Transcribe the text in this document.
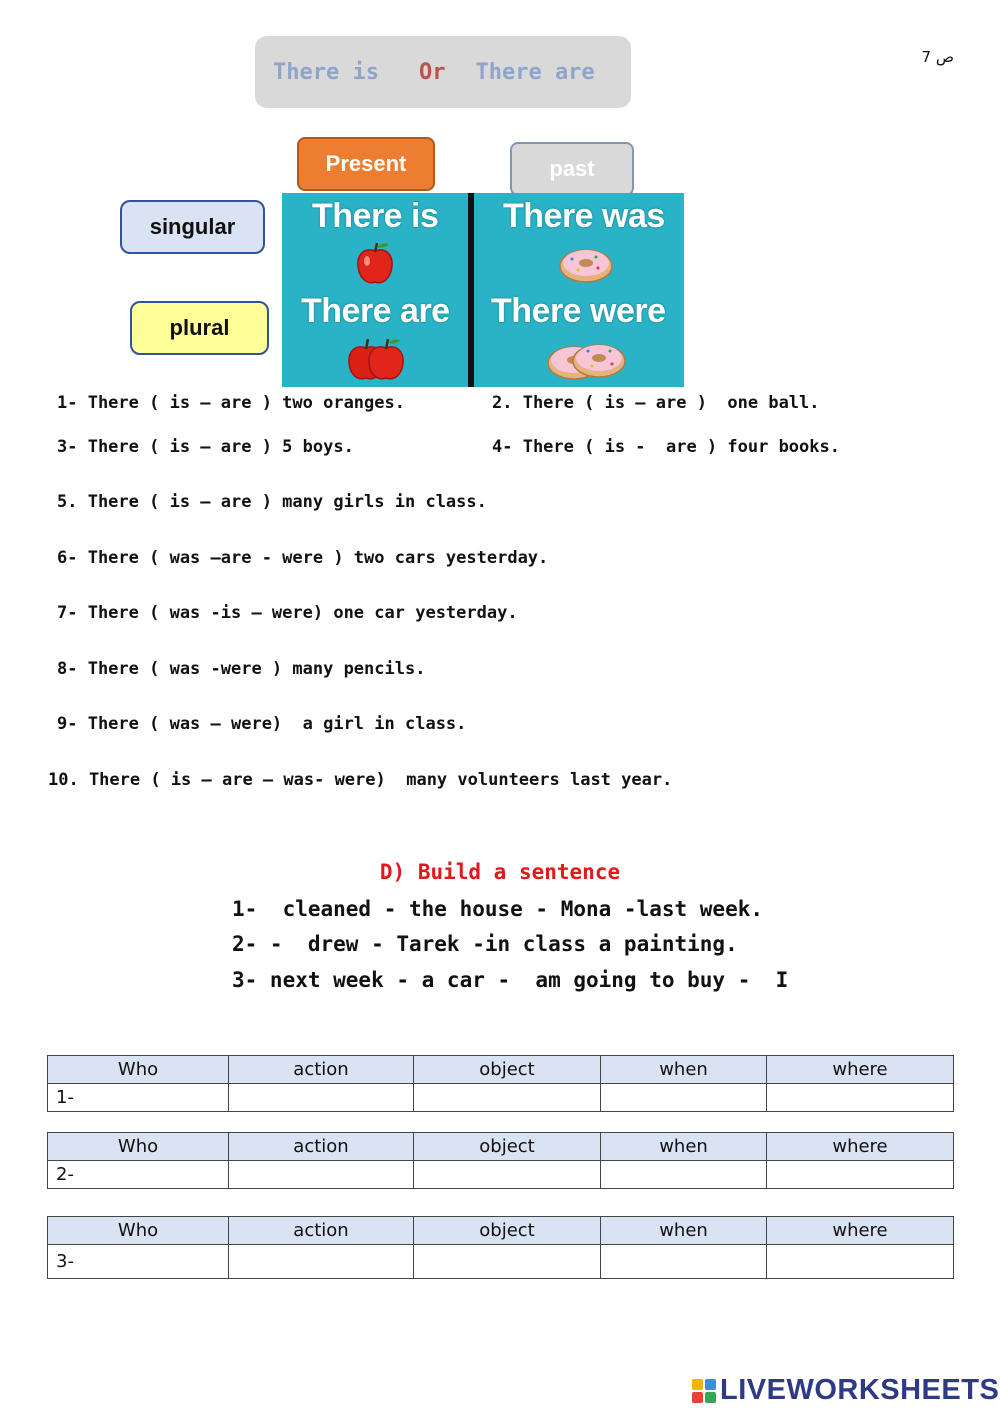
There is Or There are
ص 7
Present	past
singular
plural
There is
There are
There was
There were
1- There ( is – are ) two oranges.	2. There ( is – are )  one ball.
3- There ( is – are ) 5 boys.	4- There ( is -  are ) four books.
5. There ( is – are ) many girls in class.
6- There ( was –are - were ) two cars yesterday.
7- There ( was -is – were) one car yesterday.
8- There ( was -were ) many pencils.
9- There ( was – were)  a girl in class.
10. There ( is – are – was- were)  many volunteers last year.
D) Build a sentence
1-  cleaned - the house - Mona -last week.
2- -  drew - Tarek -in class a painting.
3- next week - a car -  am going to buy -  I
Who	action	object	when	where
1-				
Who	action	object	when	where
2-				
Who	action	object	when	where
3-				
LIVEWORKSHEETS
